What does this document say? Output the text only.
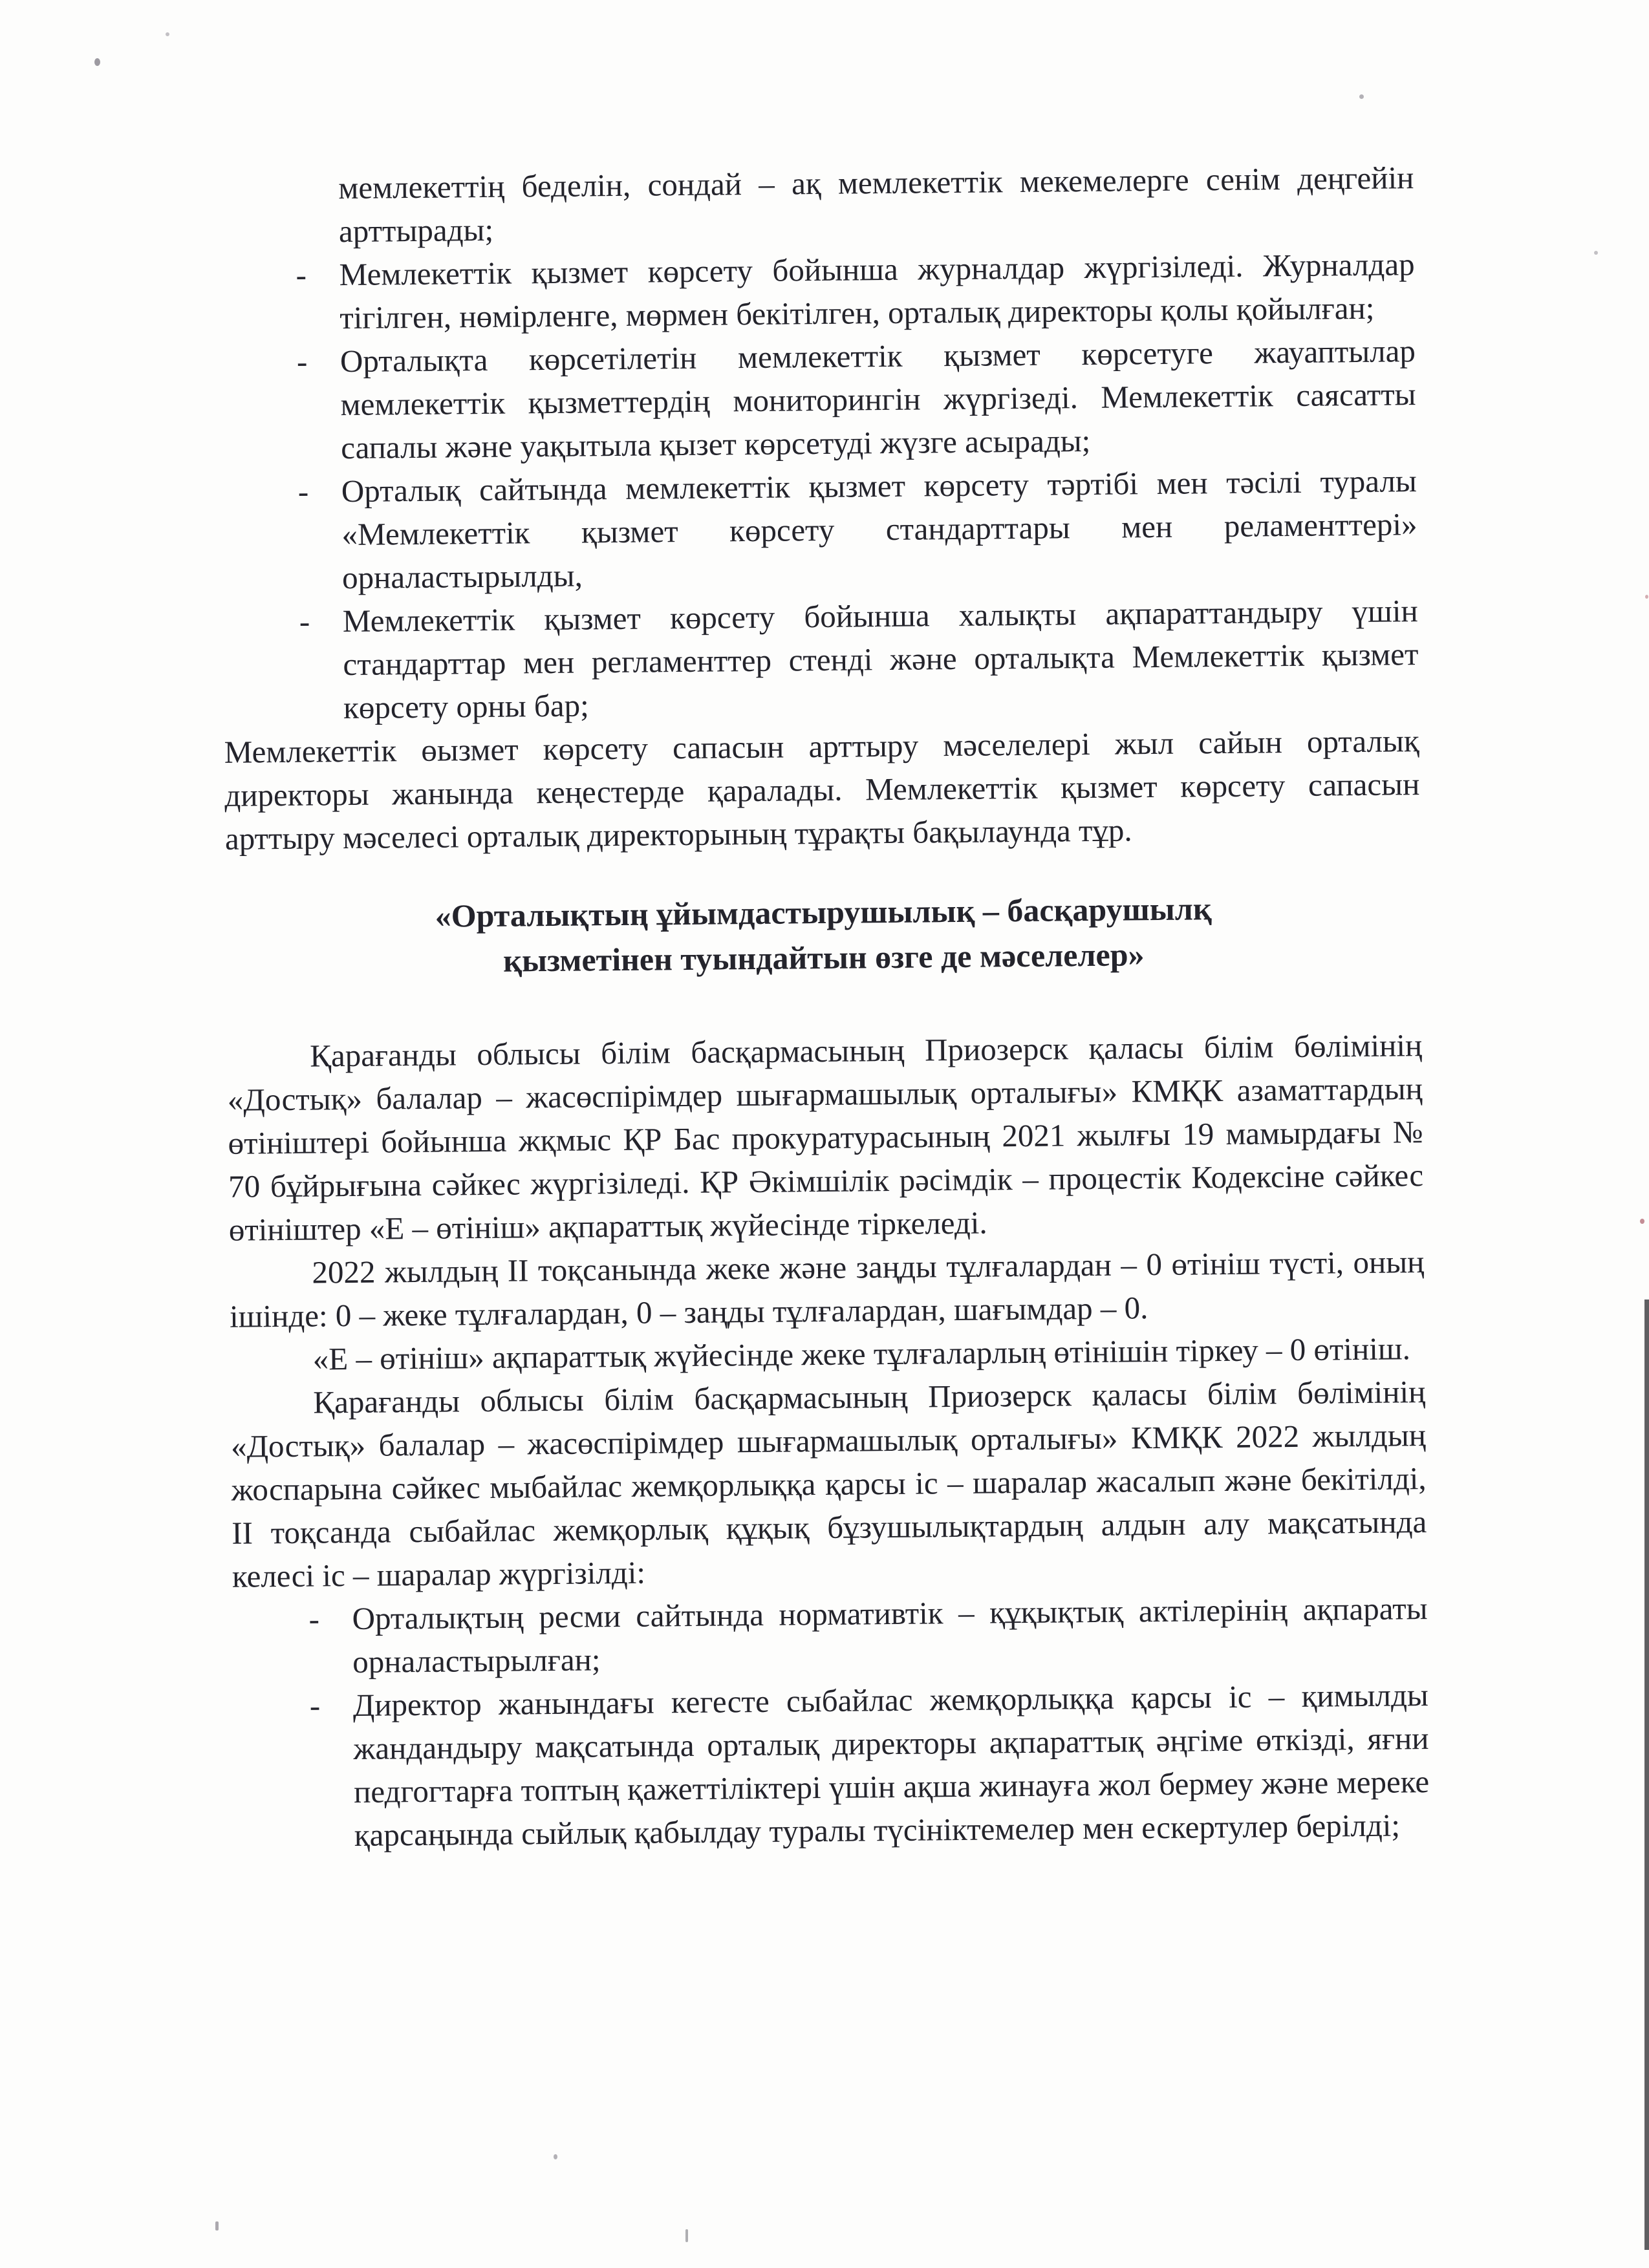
мемлекеттің беделін, сондай – ақ мемлекеттік мекемелерге сенім деңгейін арттырады;
- Мемлекеттік қызмет көрсету бойынша журналдар жүргізіледі. Журналдар тігілген, нөмірленге, мөрмен бекітілген, орталық директоры қолы қойылған;
- Орталықта көрсетілетін мемлекеттік қызмет көрсетуге жауаптылар мемлекеттік қызметтердің мониторингін жүргізеді. Мемлекеттік саясатты сапалы және уақытыла қызет көрсетуді жүзге асырады;
- Орталық сайтында мемлекеттік қызмет көрсету тәртібі мен тәсілі туралы «Мемлекеттік қызмет көрсету стандарттары мен реламенттері» орналастырылды,
- Мемлекеттік қызмет көрсету бойынша халықты ақпараттандыру үшін стандарттар мен регламенттер стенді және орталықта Мемлекеттік қызмет көрсету орны бар;

Мемлекеттік өызмет көрсету сапасын арттыру мәселелері жыл сайын орталық директоры жанында кеңестерде қаралады. Мемлекеттік қызмет көрсету сапасын арттыру мәселесі орталық директорының тұрақты бақылаунда тұр.

«Орталықтың ұйымдастырушылық – басқарушылқ
қызметінен туындайтын өзге де мәселелер»

Қарағанды облысы білім басқармасының Приозерск қаласы білім бөлімінің «Достық» балалар – жасөспірімдер шығармашылық орталығы» КМҚК азаматтардың өтініштері бойынша жқмыс ҚР Бас прокуратурасының 2021 жылғы 19 мамырдағы № 70 бұйрығына сәйкес жүргізіледі. ҚР Әкімшілік рәсімдік – процестік Кодексіне сәйкес өтініштер «Е – өтініш» ақпараттық жүйесінде тіркеледі.

2022 жылдың ІІ тоқсанында жеке және заңды тұлғалардан – 0 өтініш түсті, оның ішінде: 0 – жеке тұлғалардан, 0 – заңды тұлғалардан, шағымдар – 0.

«Е – өтініш» ақпараттық жүйесінде жеке тұлғаларлың өтінішін тіркеу – 0 өтініш.

Қарағанды облысы білім басқармасының Приозерск қаласы білім бөлімінің «Достық» балалар – жасөспірімдер шығармашылық орталығы» КМҚК 2022 жылдың жоспарына сәйкес мыбайлас жемқорлыққа қарсы іс – шаралар жасалып және бекітілді, ІІ тоқсанда сыбайлас жемқорлық құқық бұзушылықтардың алдын алу мақсатында келесі іс – шаралар жүргізілді:

- Орталықтың ресми сайтында нормативтік – құқықтық актілерінің ақпараты орналастырылған;
- Директор жанындағы кегесте сыбайлас жемқорлыққа қарсы іс – қимылды жандандыру мақсатында орталық директоры ақпараттық әңгіме өткізді, яғни педгогтарға топтың қажеттіліктері үшін ақша жинауға жол бермеу және мереке қарсаңында сыйлық қабылдау туралы түсініктемелер мен ескертулер берілді;
